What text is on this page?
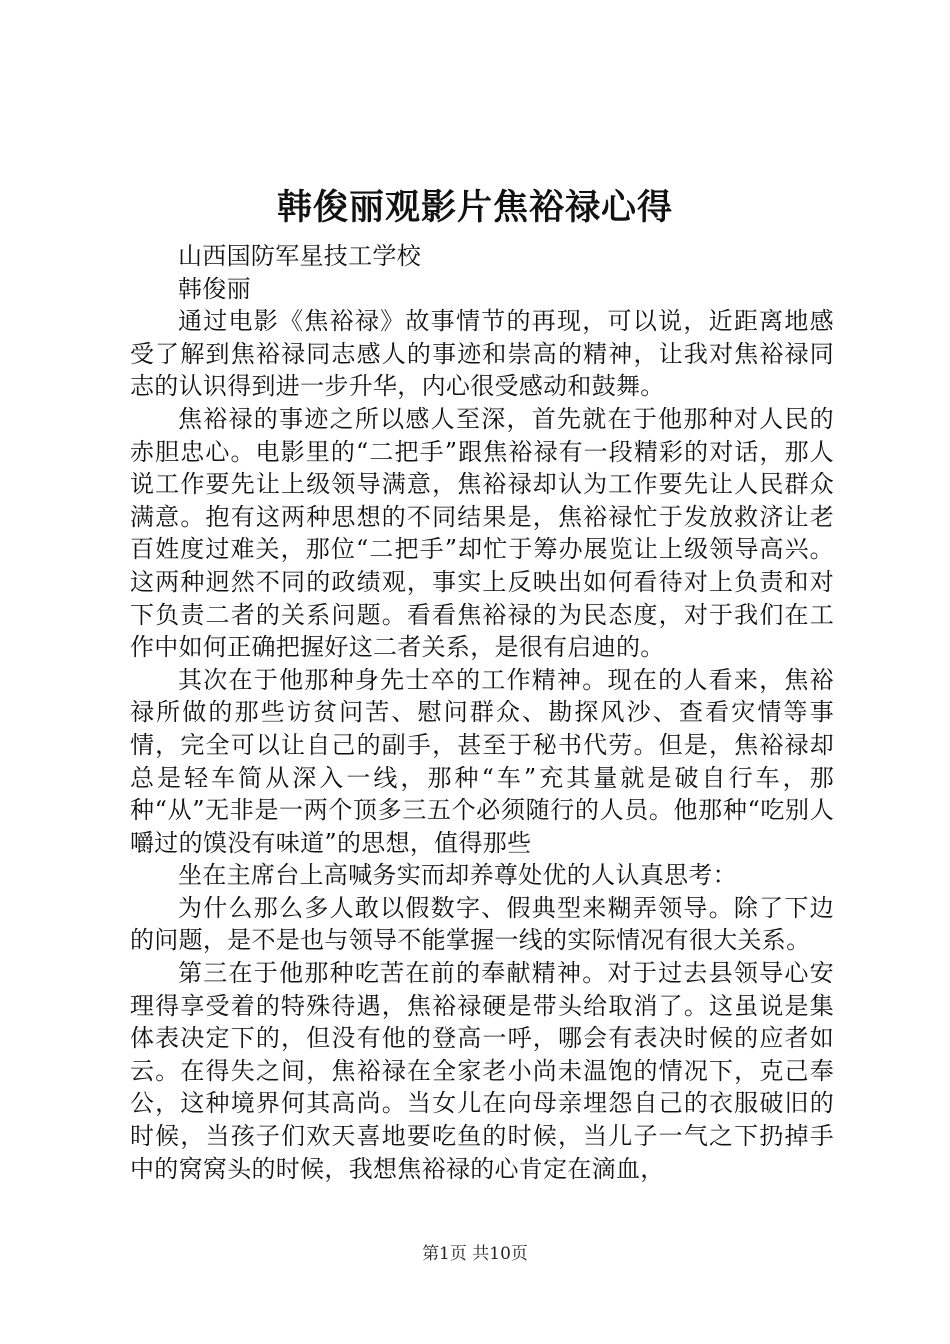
韩俊丽观影片焦裕禄心得

山西国防军星技工学校

韩俊丽

通过电影《焦裕禄》故事情节的再现，可以说，近距离地感受了解到焦裕禄同志感人的事迹和崇高的精神，让我对焦裕禄同志的认识得到进一步升华，内心很受感动和鼓舞。

焦裕禄的事迹之所以感人至深，首先就在于他那种对人民的赤胆忠心。电影里的“二把手”跟焦裕禄有一段精彩的对话，那人说工作要先让上级领导满意，焦裕禄却认为工作要先让人民群众满意。抱有这两种思想的不同结果是，焦裕禄忙于发放救济让老百姓度过难关，那位“二把手”却忙于筹办展览让上级领导高兴。这两种迥然不同的政绩观，事实上反映出如何看待对上负责和对下负责二者的关系问题。看看焦裕禄的为民态度，对于我们在工作中如何正确把握好这二者关系，是很有启迪的。

其次在于他那种身先士卒的工作精神。现在的人看来，焦裕禄所做的那些访贫问苦、慰问群众、勘探风沙、查看灾情等事情，完全可以让自己的副手，甚至于秘书代劳。但是，焦裕禄却总是轻车简从深入一线，那种“车”充其量就是破自行车，那种“从”无非是一两个顶多三五个必须随行的人员。他那种“吃别人嚼过的馍没有味道”的思想，值得那些

坐在主席台上高喊务实而却养尊处优的人认真思考：

为什么那么多人敢以假数字、假典型来糊弄领导。除了下边的问题，是不是也与领导不能掌握一线的实际情况有很大关系。

第三在于他那种吃苦在前的奉献精神。对于过去县领导心安理得享受着的特殊待遇，焦裕禄硬是带头给取消了。这虽说是集体表决定下的，但没有他的登高一呼，哪会有表决时候的应者如云。在得失之间，焦裕禄在全家老小尚未温饱的情况下，克己奉公，这种境界何其高尚。当女儿在向母亲埋怨自己的衣服破旧的时候，当孩子们欢天喜地要吃鱼的时候，当儿子一气之下扔掉手中的窝窝头的时候，我想焦裕禄的心肯定在滴血，

第1页 共10页
